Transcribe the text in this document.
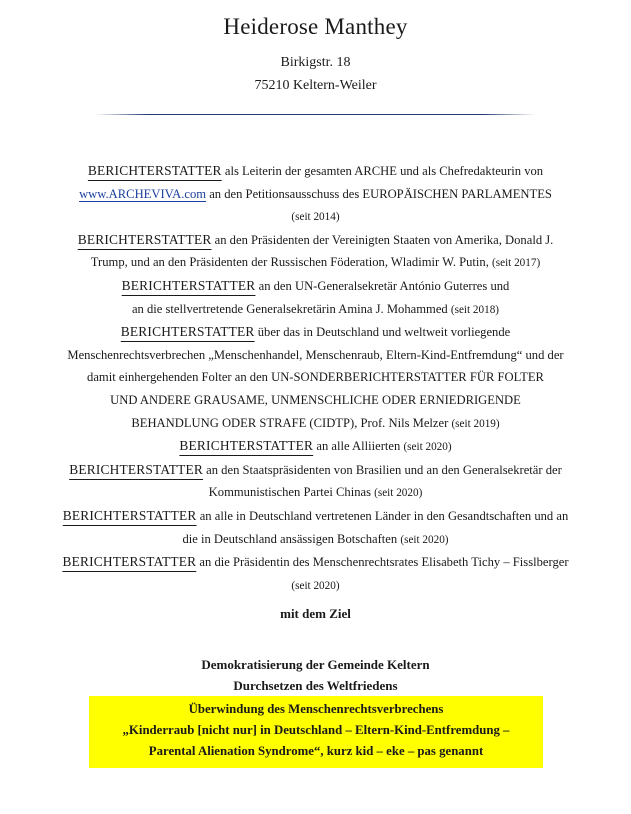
Heiderose Manthey
Birkigstr. 18
75210 Keltern-Weiler

BERICHTERSTATTER als Leiterin der gesamten ARCHE und als Chefredakteurin von

www.ARCHEVIVA.com an den Petitionsausschuss des EUROPÄISCHEN PARLAMENTES

(seit 2014)

BERICHTERSTATTER an den Präsidenten der Vereinigten Staaten von Amerika, Donald J.

Trump, und an den Präsidenten der Russischen Föderation, Wladimir W. Putin, (seit 2017)

BERICHTERSTATTER an den UN-Generalsekretär António Guterres und

an die stellvertretende Generalsekretärin Amina J. Mohammed (seit 2018)

BERICHTERSTATTER über das in Deutschland und weltweit vorliegende

Menschenrechtsverbrechen „Menschenhandel, Menschenraub, Eltern-Kind-Entfremdung“ und der

damit einhergehenden Folter an den UN-SONDERBERICHTERSTATTER FÜR FOLTER

UND ANDERE GRAUSAME, UNMENSCHLICHE ODER ERNIEDRIGENDE

BEHANDLUNG ODER STRAFE (CIDTP), Prof. Nils Melzer (seit 2019)

BERICHTERSTATTER an alle Alliierten (seit 2020)

BERICHTERSTATTER an den Staatspräsidenten von Brasilien und an den Generalsekretär der

Kommunistischen Partei Chinas (seit 2020)

BERICHTERSTATTER an alle in Deutschland vertretenen Länder in den Gesandtschaften und an

die in Deutschland ansässigen Botschaften (seit 2020)

BERICHTERSTATTER an die Präsidentin des Menschenrechtsrates Elisabeth Tichy – Fisslberger

(seit 2020)

mit dem Ziel

Demokratisierung der Gemeinde Keltern

Durchsetzen des Weltfriedens

Überwindung des Menschenrechtsverbrechens

„Kinderraub [nicht nur] in Deutschland – Eltern-Kind-Entfremdung –

Parental Alienation Syndrome“, kurz kid – eke – pas genannt
